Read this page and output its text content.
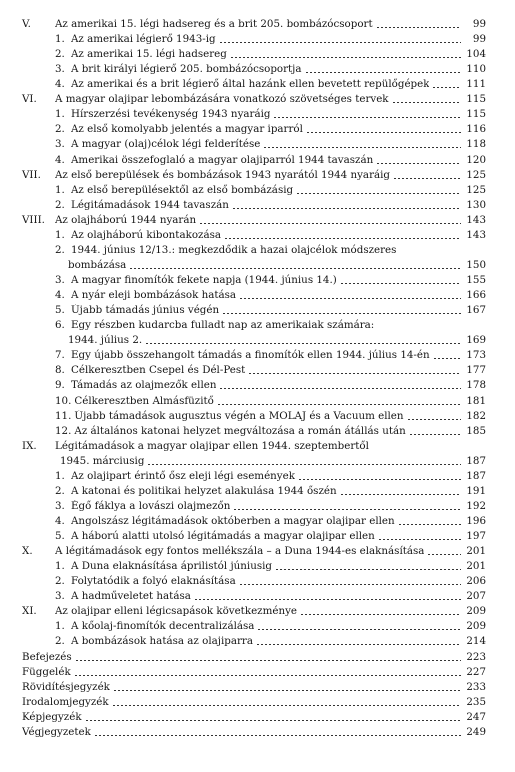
V.	Az amerikai 15. légi hadsereg és a brit 205. bombázócsoport	99
1. Az amerikai légierő 1943-ig	99
2. Az amerikai 15. légi hadsereg	104
3. A brit királyi légierő 205. bombázócsoportja	110
4. Az amerikai és a brit légierő által hazánk ellen bevetett repülőgépek	111
VI.	A magyar olajipar lebombázására vonatkozó szövetséges tervek	115
1. Hírszerzési tevékenység 1943 nyaráig	115
2. Az első komolyabb jelentés a magyar iparról	116
3. A magyar (olaj)célok légi felderítése	118
4. Amerikai összefoglaló a magyar olajiparról 1944 tavaszán	120
VII.	Az első berepülések és bombázások 1943 nyarától 1944 nyaráig	125
1. Az első berepülésektől az első bombázásig	125
2. Légitámadások 1944 tavaszán	130
VIII. Az olajháború 1944 nyarán	143
1. Az olajháború kibontakozása	143
2. 1944. június 12/13.: megkezdődik a hazai olajcélok módszeres
bombázása	150
3. A magyar finomítók fekete napja (1944. június 14.)	155
4. A nyár eleji bombázások hatása	166
5. Újabb támadás június végén	167
6. Egy részben kudarcba fulladt nap az amerikaiak számára:
1944. július 2.	169
7. Egy újabb összehangolt támadás a finomítók ellen 1944. július 14-én	173
8. Célkeresztben Csepel és Dél-Pest	177
9. Támadás az olajmezők ellen	178
10. Célkeresztben Almásfüzitő	181
11. Újabb támadások augusztus végén a MOLAJ és a Vacuum ellen	182
12. Az általános katonai helyzet megváltozása a román átállás után	185
IX.	Légitámadások a magyar olajipar ellen 1944. szeptembertől
1945. márciusig	187
1. Az olajipart érintő ősz eleji légi események	187
2. A katonai és politikai helyzet alakulása 1944 őszén	191
3. Égő fáklya a lovászi olajmezőn	192
4. Angolszász légitámadások októberben a magyar olajipar ellen	196
5. A háború alatti utolsó légitámadás a magyar olajipar ellen	197
X.	A légitámadások egy fontos mellékszála – a Duna 1944-es elaknásítása	201
1. A Duna elaknásítása áprilistól júniusig	201
2. Folytatódik a folyó elaknásítása	206
3. A hadműveletet hatása	207
XI.	Az olajipar elleni légicsapások következménye	209
1. A kőolaj-finomítók decentralizálása	209
2. A bombázások hatása az olajiparra	214
Befejezés	223
Függelék	227
Rövidítésjegyzék	233
Irodalomjegyzék	235
Képjegyzék	247
Végjegyzetek	249
